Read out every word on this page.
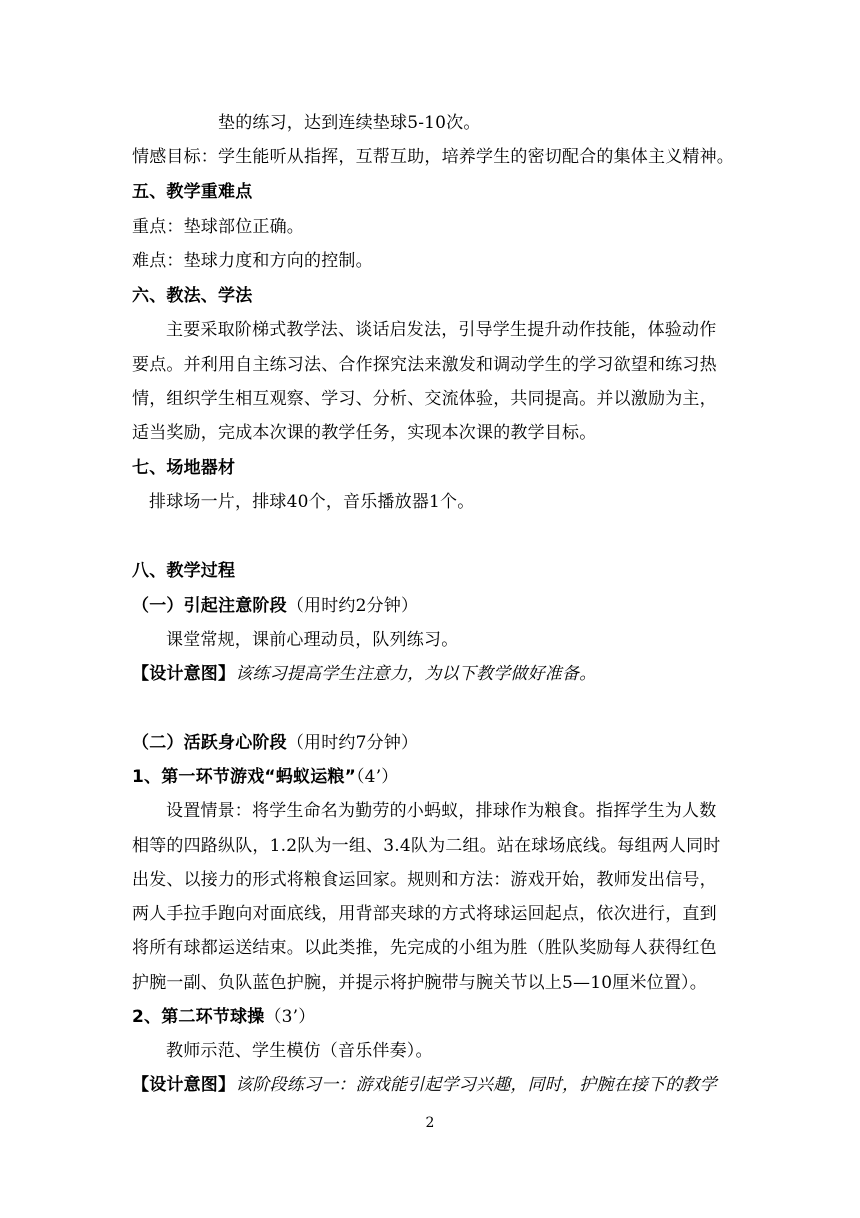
垫的练习，达到连续垫球5-10次。
情感目标：学生能听从指挥，互帮互助，培养学生的密切配合的集体主义精神。
五、教学重难点
重点：垫球部位正确。
难点：垫球力度和方向的控制。
六、教法、学法
主要采取阶梯式教学法、谈话启发法，引导学生提升动作技能，体验动作
要点。并利用自主练习法、合作探究法来激发和调动学生的学习欲望和练习热
情，组织学生相互观察、学习、分析、交流体验，共同提高。并以激励为主，
适当奖励，完成本次课的教学任务，实现本次课的教学目标。
七、场地器材
排球场一片，排球40个，音乐播放器1个。
八、教学过程
（一）引起注意阶段（用时约2分钟）
课堂常规，课前心理动员，队列练习。
【设计意图】该练习提高学生注意力，为以下教学做好准备。
（二）活跃身心阶段（用时约7分钟）
1、第一环节游戏“蚂蚁运粮”（4’）
设置情景：将学生命名为勤劳的小蚂蚁，排球作为粮食。指挥学生为人数
相等的四路纵队，1.2队为一组、3.4队为二组。站在球场底线。每组两人同时
出发、以接力的形式将粮食运回家。规则和方法：游戏开始，教师发出信号，
两人手拉手跑向对面底线，用背部夹球的方式将球运回起点，依次进行，直到
将所有球都运送结束。以此类推，先完成的小组为胜（胜队奖励每人获得红色
护腕一副、负队蓝色护腕，并提示将护腕带与腕关节以上5—10厘米位置）。
2、第二环节球操（3’）
教师示范、学生模仿（音乐伴奏）。
【设计意图】该阶段练习一：游戏能引起学习兴趣，同时，护腕在接下的教学
2
